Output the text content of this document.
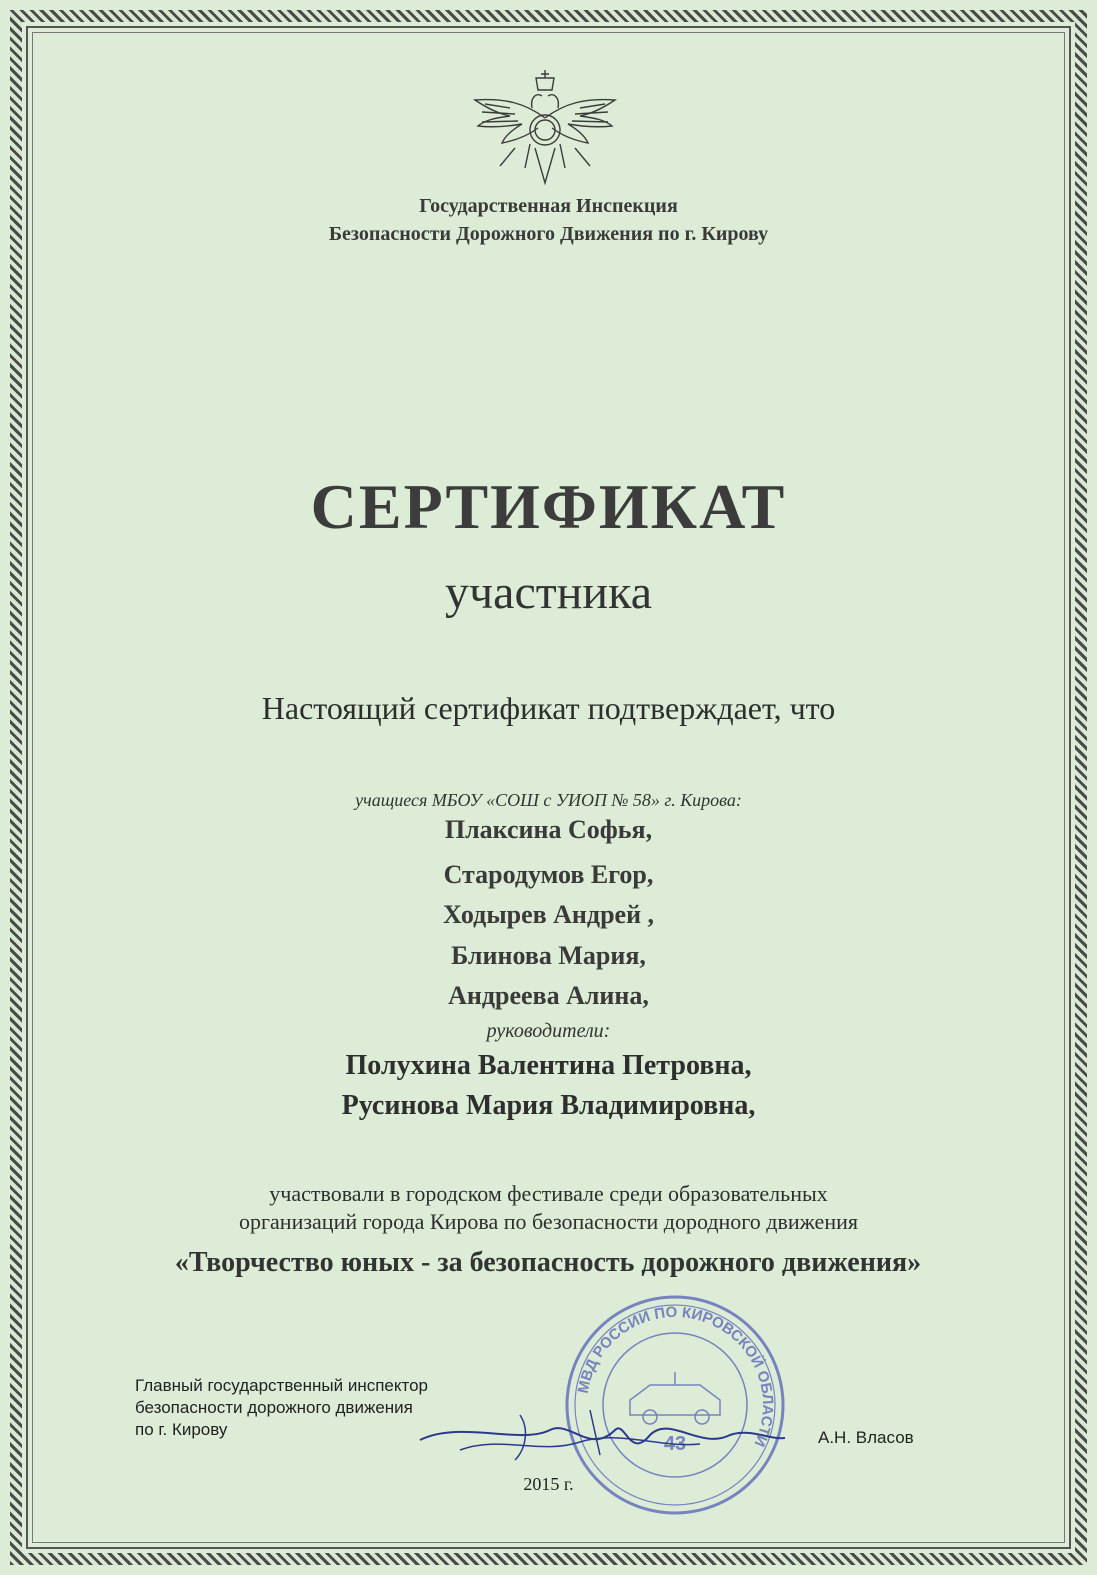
Государственная Инспекция
Безопасности Дорожного Движения по г. Кирову
СЕРТИФИКАТ
участника
Настоящий сертификат подтверждает, что
учащиеся МБОУ «СОШ с УИОП № 58» г. Кирова:
Плаксина Софья,
Стародумов Егор,
Ходырев Андрей ,
Блинова Мария,
Андреева Алина,
руководители:
Полухина Валентина Петровна,
Русинова Мария Владимировна,
участвовали в городском фестивале среди образовательных
организаций города Кирова по безопасности дородного движения
«Творчество юных - за безопасность дорожного движения»
МВД РОССИИ ПО КИРОВСКОЙ ОБЛАСТИ
43
Главный государственный инспектор
безопасности дорожного движения
по г. Кирову	А.Н. Власов
2015 г.
